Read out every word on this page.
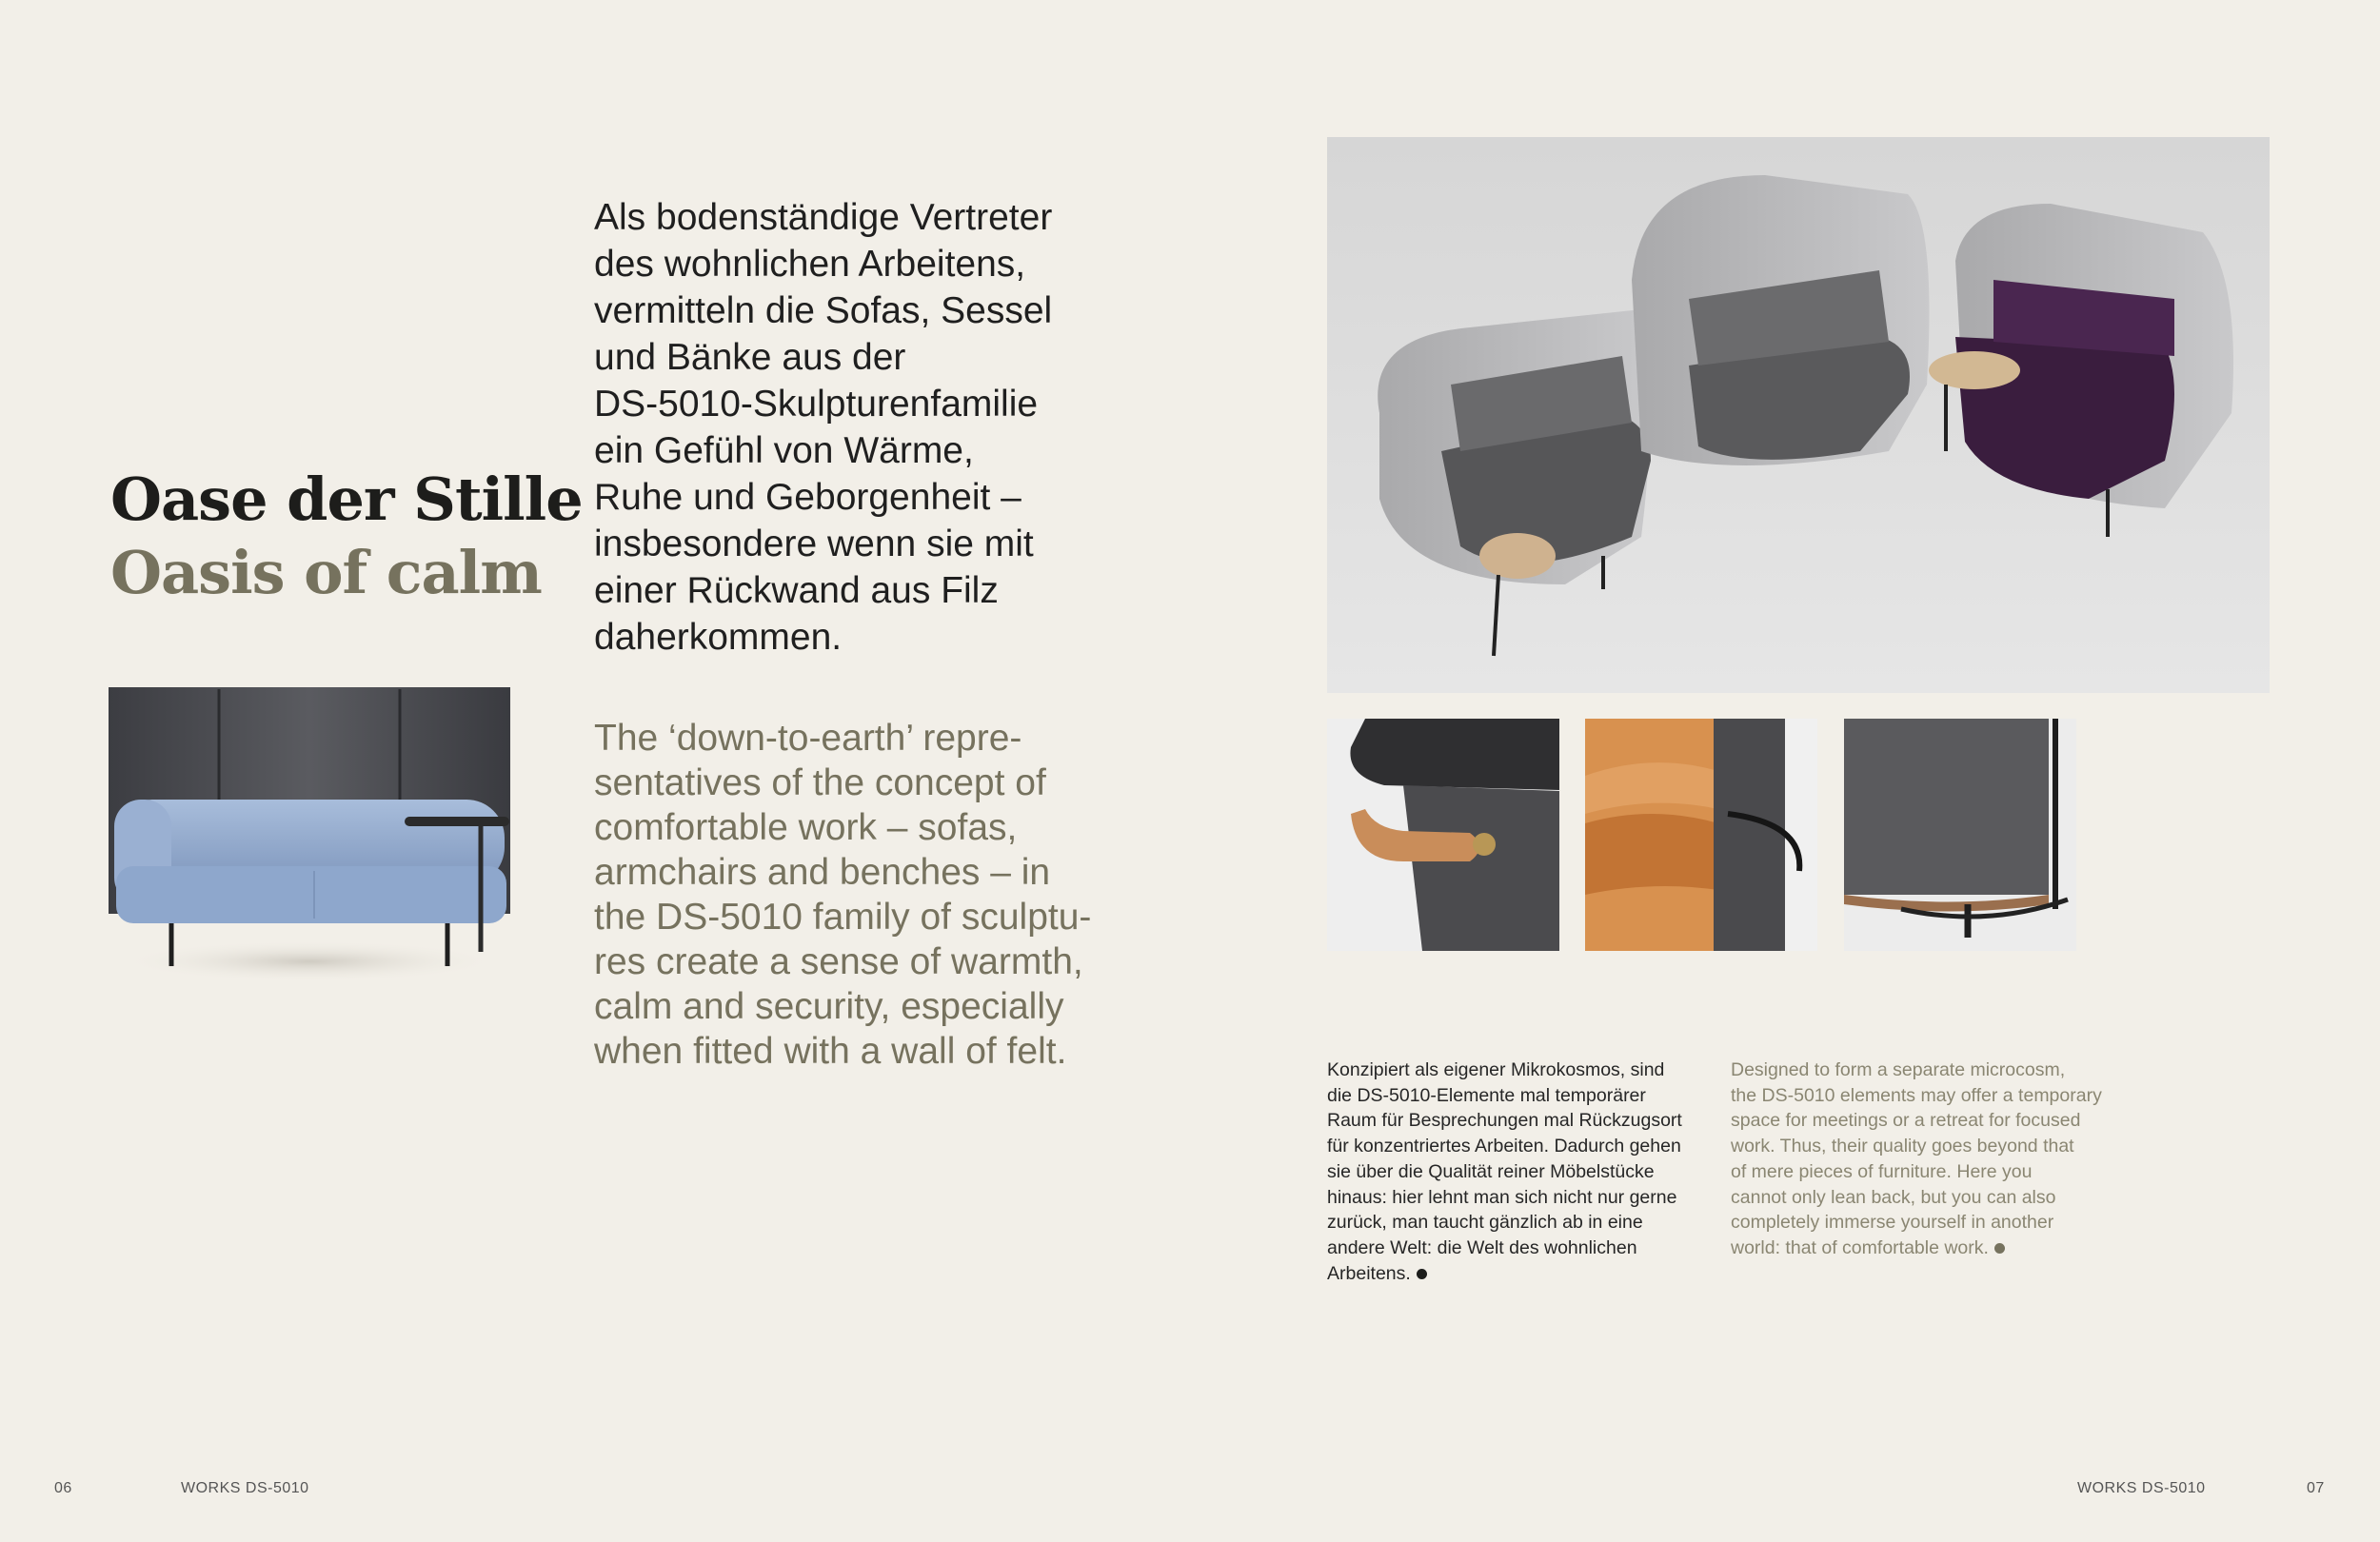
Oase der Stille
Oasis of calm

Als bodenständige Vertreter
des wohnlichen Arbeitens,
vermitteln die Sofas, Sessel
und Bänke aus der
DS-5010-Skulpturenfamilie
ein Gefühl von Wärme,
Ruhe und Geborgenheit –
insbesondere wenn sie mit
einer Rückwand aus Filz
daherkommen.

The ‘down-to-earth’ repre-
sentatives of the concept of
comfortable work – sofas,
armchairs and benches – in
the DS-5010 family of sculptu-
res create a sense of warmth,
calm and security, especially
when fitted with a wall of felt.	Konzipiert als eigener Mikrokosmos, sind
die DS-5010-Elemente mal temporärer
Raum für Besprechungen mal Rückzugsort
für konzentriertes Arbeiten. Dadurch gehen
sie über die Qualität reiner Möbelstücke
hinaus: hier lehnt man sich nicht nur gerne
zurück, man taucht gänzlich ab in eine
andere Welt: die Welt des wohnlichen
Arbeitens.

Designed to form a separate microcosm,
the DS-5010 elements may offer a temporary
space for meetings or a retreat for focused
work. Thus, their quality goes beyond that
of mere pieces of furniture. Here you
cannot only lean back, but you can also
completely immerse yourself in another
world: that of comfortable work.

06	WORKS DS-5010	WORKS DS-5010	07
